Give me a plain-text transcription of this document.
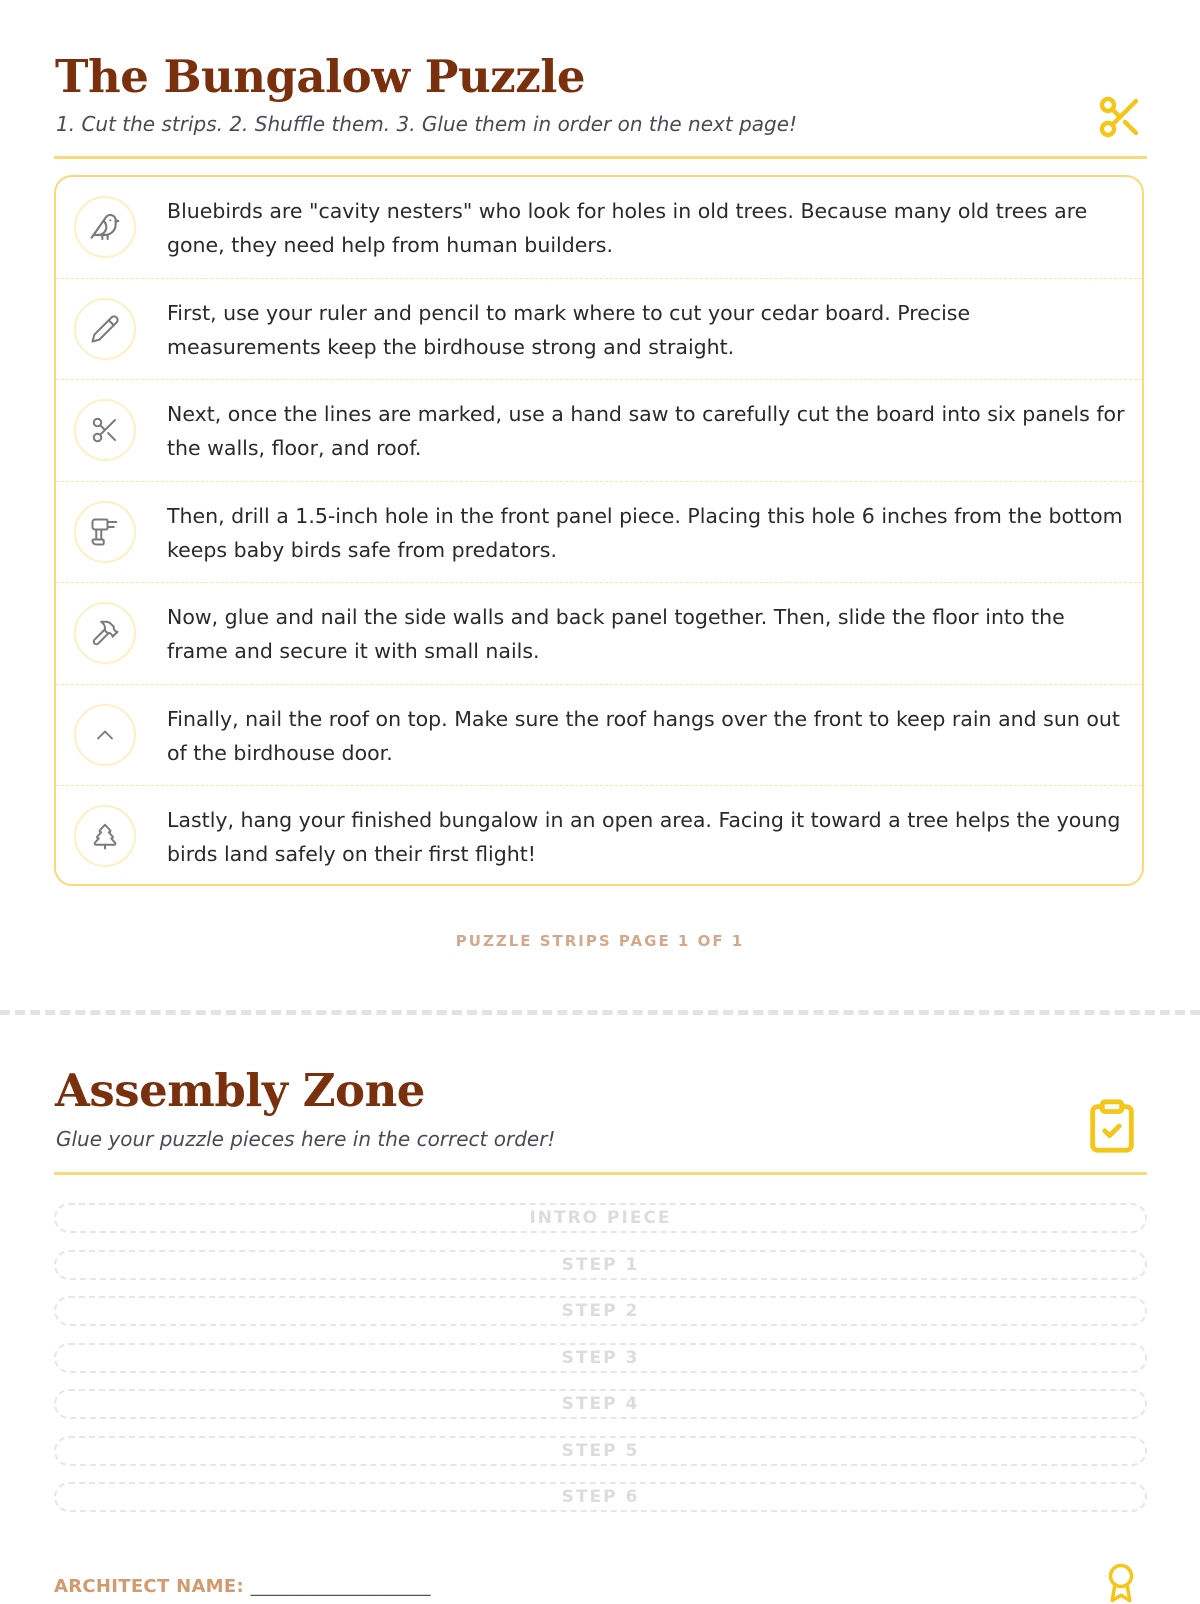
The Bungalow Puzzle
1. Cut the strips. 2. Shuffle them. 3. Glue them in order on the next page!

Bluebirds are "cavity nesters" who look for holes in old trees. Because many old trees are gone, they need help from human builders.

First, use your ruler and pencil to mark where to cut your cedar board. Precise measurements keep the birdhouse strong and straight.

Next, once the lines are marked, use a hand saw to carefully cut the board into six panels for the walls, floor, and roof.

Then, drill a 1.5-inch hole in the front panel piece. Placing this hole 6 inches from the bottom keeps baby birds safe from predators.

Now, glue and nail the side walls and back panel together. Then, slide the floor into the frame and secure it with small nails.

Finally, nail the roof on top. Make sure the roof hangs over the front to keep rain and sun out of the birdhouse door.

Lastly, hang your finished bungalow in an open area. Facing it toward a tree helps the young birds land safely on their first flight!

PUZZLE STRIPS PAGE 1 OF 1
Assembly Zone
Glue your puzzle pieces here in the correct order!
INTRO PIECE
STEP 1
STEP 2
STEP 3
STEP 4
STEP 5
STEP 6
ARCHITECT NAME: ____________________
